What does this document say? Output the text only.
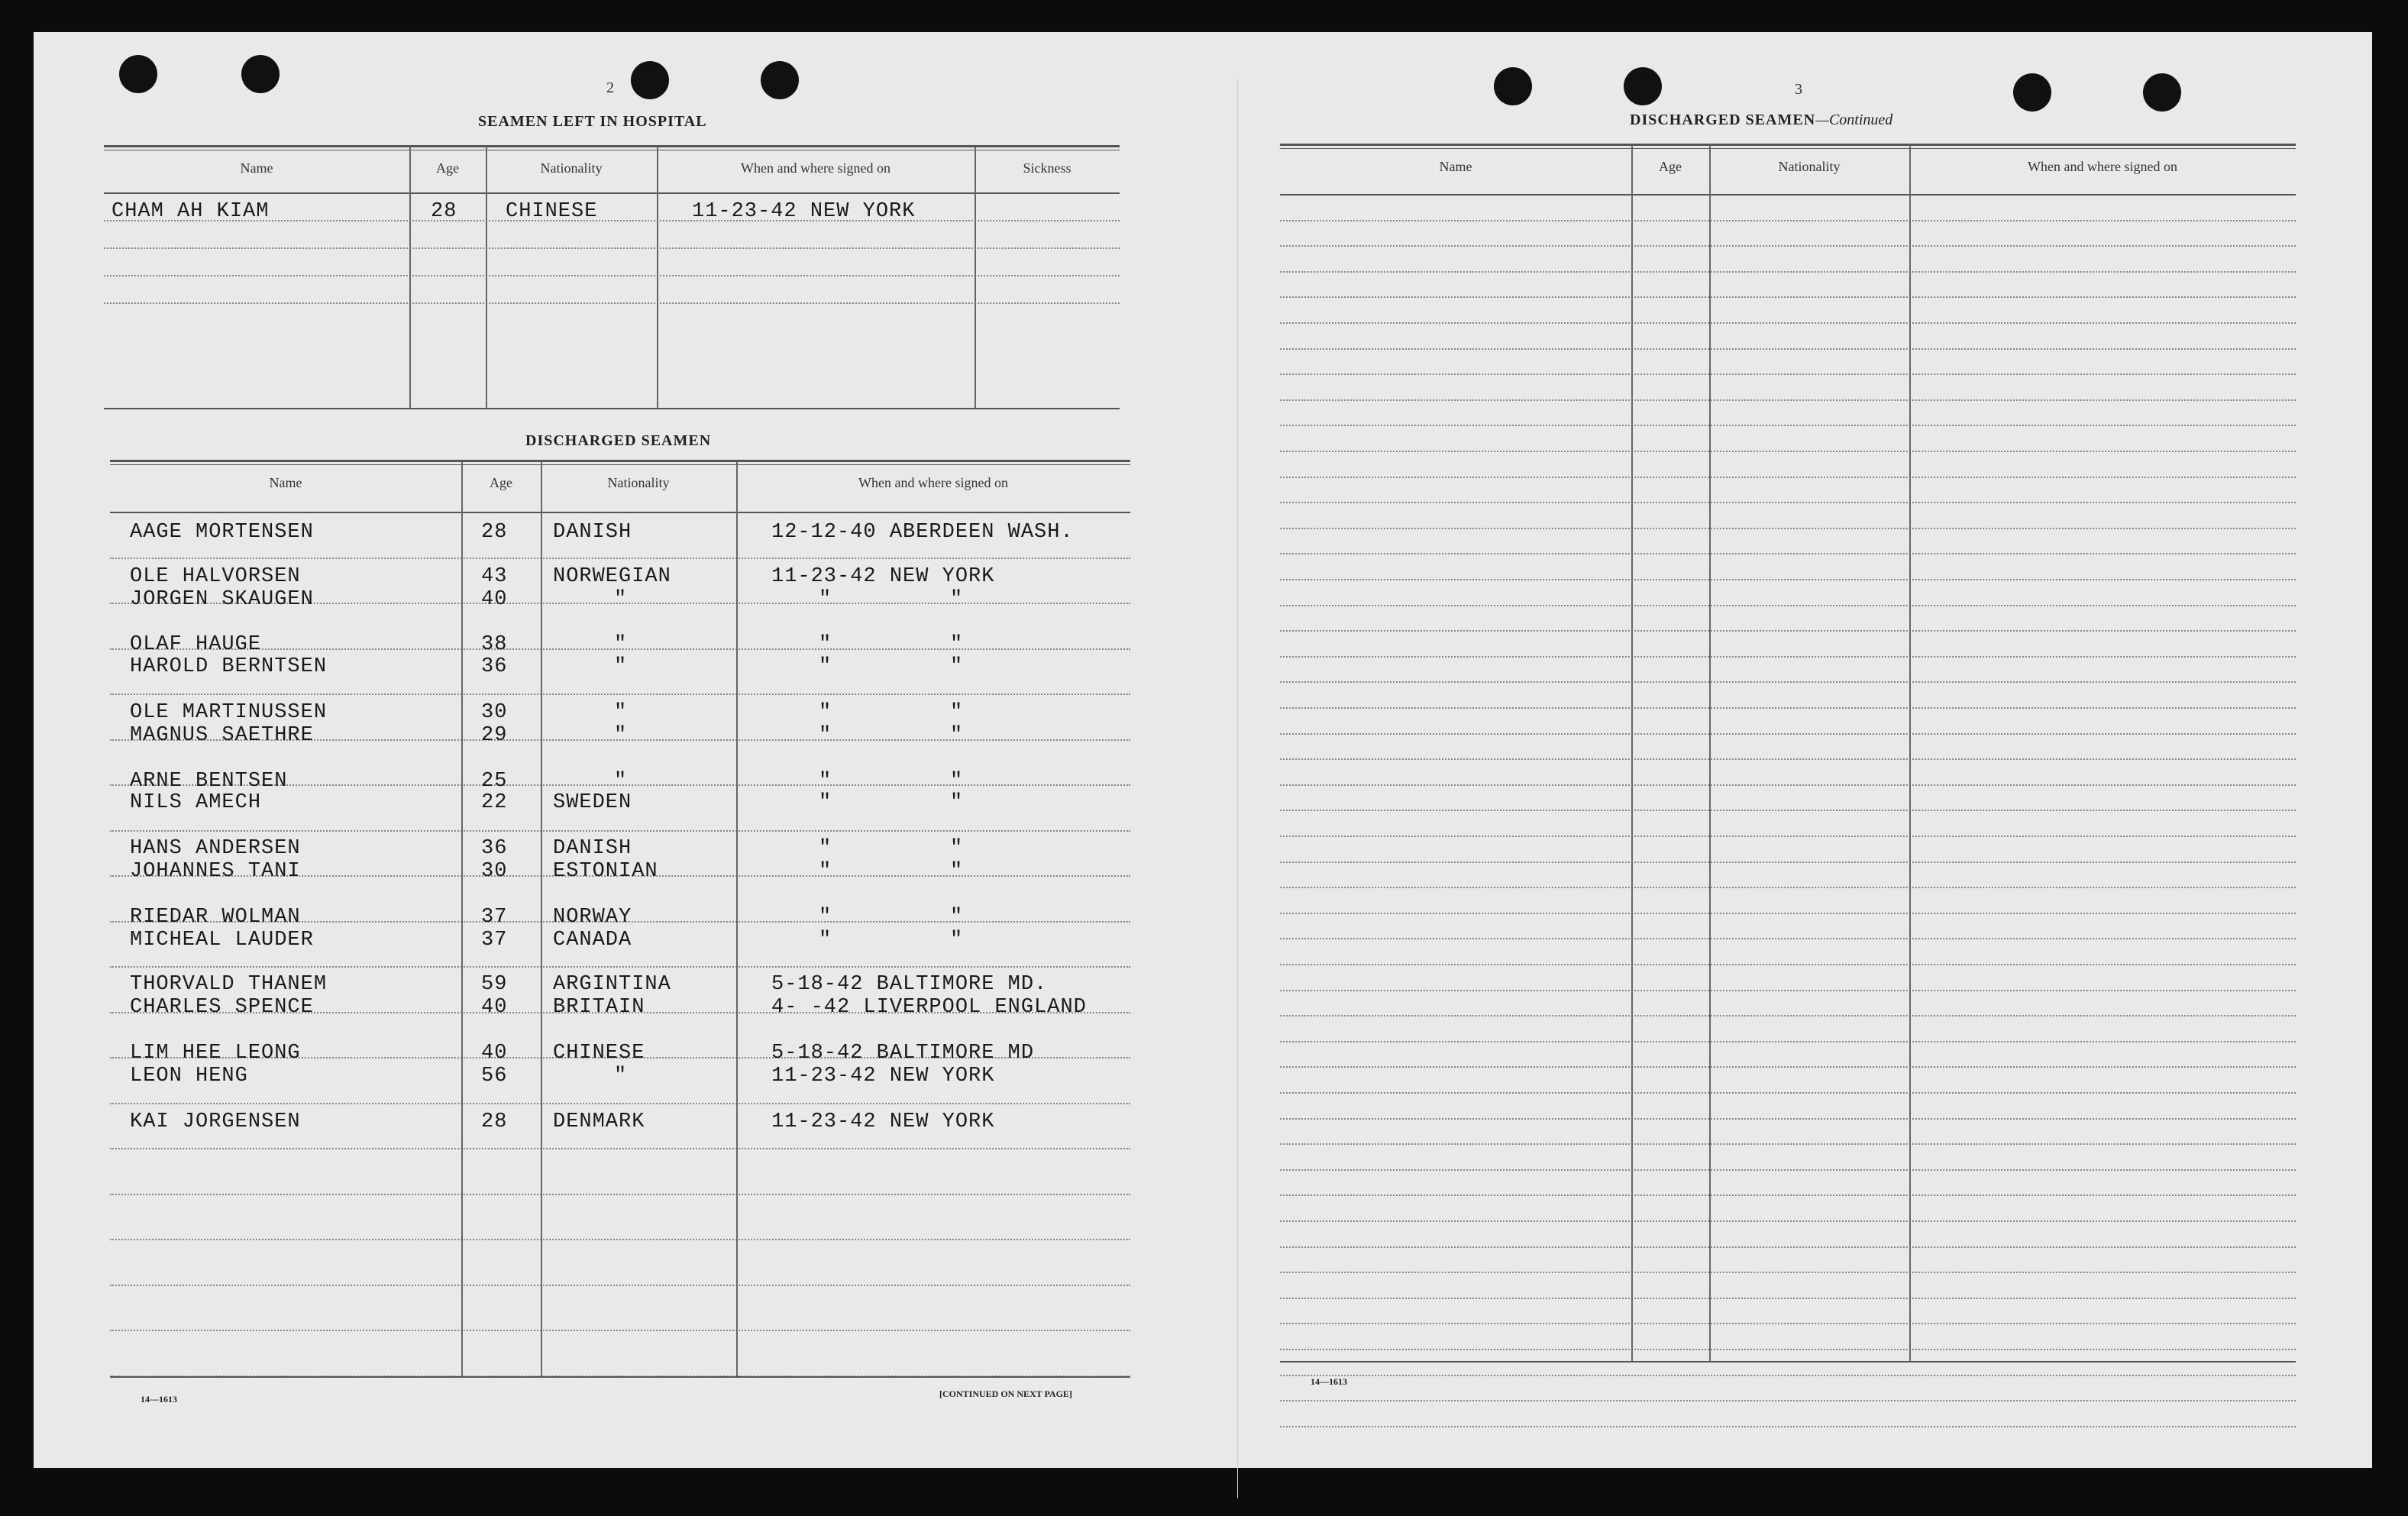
2
SEAMEN LEFT IN HOSPITAL
Name	Age	Nationality	When and where signed on	Sickness
CHAM AH KIAM	28 CHINESE	11-23-42 NEW YORK
DISCHARGED SEAMEN
Name	Age	Nationality	When and where signed on
AAGE MORTENSEN	28 DANISH	12-12-40 ABERDEEN WASH.
OLE HALVORSEN	43 NORWEGIAN	11-23-42 NEW YORK
JORGEN SKAUGEN	40	"	"	"
OLAF HAUGE	38	"	"	"
HAROLD BERNTSEN	36	"	"	"
OLE MARTINUSSEN	30	"	"	"
MAGNUS SAETHRE	29	"	"	"
ARNE BENTSEN	25	"	"	"
NILS AMECH	22 SWEDEN	"	"
HANS ANDERSEN	36 DANISH	"	"
JOHANNES TANI	30 ESTONIAN	"	"
RIEDAR WOLMAN	37 NORWAY	"	"
MICHEAL LAUDER	37 CANADA	"	"
THORVALD THANEM	59 ARGINTINA	5-18-42 BALTIMORE MD.
CHARLES SPENCE	40 BRITAIN	4- -42 LIVERPOOL ENGLAND
LIM HEE LEONG	40 CHINESE	5-18-42 BALTIMORE MD
LEON HENG	56	"	11-23-42 NEW YORK
KAI JORGENSEN	28 DENMARK	11-23-42 NEW YORK
14—1613	[CONTINUED ON NEXT PAGE]
3
DISCHARGED SEAMEN—Continued
Name	Age	Nationality	When and where signed on
14—1613
